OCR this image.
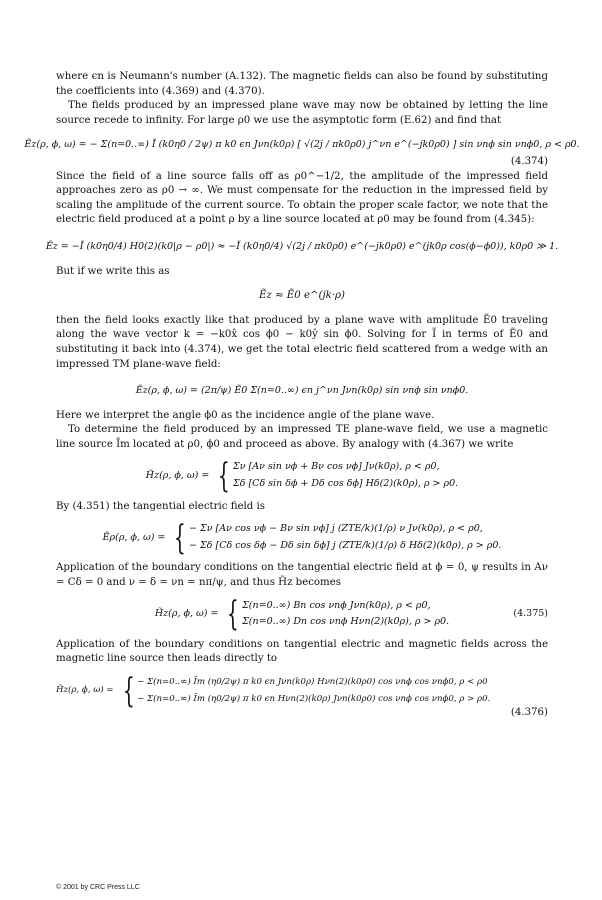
where ϵn is Neumann's number (A.132). The magnetic fields can also be found by substituting the coefficients into (4.369) and (4.370).

The fields produced by an impressed plane wave may now be obtained by letting the line source recede to infinity. For large ρ0 we use the asymptotic form (E.62) and find that

Ẽz(ρ, ϕ, ω) = − Σ(n=0..∞) Ĩ (k0η0 / 2ψ) π k0 ϵn Jνn(k0ρ) [ √(2j / πk0ρ0) j^νn e^(−jk0ρ0) ] sin νnϕ sin νnϕ0, ρ < ρ0.
(4.374)

Since the field of a line source falls off as ρ0^−1/2, the amplitude of the impressed field approaches zero as ρ0 → ∞. We must compensate for the reduction in the impressed field by scaling the amplitude of the current source. To obtain the proper scale factor, we note that the electric field produced at a point ρ by a line source located at ρ0 may be found from (4.345):

Ẽz = −Ĩ (k0η0/4) H0(2)(k0|ρ − ρ0|) ≈ −Ĩ (k0η0/4) √(2j / πk0ρ0) e^(−jk0ρ0) e^(jk0ρ cos(ϕ−ϕ0)), k0ρ0 ≫ 1.

But if we write this as

Ẽz ≈ Ẽ0 e^(jk·ρ)

then the field looks exactly like that produced by a plane wave with amplitude Ẽ0 traveling along the wave vector k = −k0x̂ cos ϕ0 − k0ŷ sin ϕ0. Solving for Ĩ in terms of Ẽ0 and substituting it back into (4.374), we get the total electric field scattered from a wedge with an impressed TM plane-wave field:

Ẽz(ρ, ϕ, ω) = (2π/ψ) Ẽ0 Σ(n=0..∞) ϵn j^νn Jνn(k0ρ) sin νnϕ sin νnϕ0.

Here we interpret the angle ϕ0 as the incidence angle of the plane wave.

To determine the field produced by an impressed TE plane-wave field, we use a magnetic line source Ĩm located at ρ0, ϕ0 and proceed as above. By analogy with (4.367) we write

H̃z(ρ, ϕ, ω) = { Σν [Aν sin νϕ + Bν cos νϕ] Jν(k0ρ), ρ < ρ0,
Σδ [Cδ sin δϕ + Dδ cos δϕ] Hδ(2)(k0ρ), ρ > ρ0.

By (4.351) the tangential electric field is

Ẽρ(ρ, ϕ, ω) = { − Σν [Aν cos νϕ − Bν sin νϕ] j (ZTE/k)(1/ρ) ν Jν(k0ρ), ρ < ρ0,
− Σδ [Cδ cos δϕ − Dδ sin δϕ] j (ZTE/k)(1/ρ) δ Hδ(2)(k0ρ), ρ > ρ0.

Application of the boundary conditions on the tangential electric field at ϕ = 0, ψ results in Aν = Cδ = 0 and ν = δ = νn = nπ/ψ, and thus H̃z becomes

H̃z(ρ, ϕ, ω) = { Σ(n=0..∞) Bn cos νnϕ Jνn(k0ρ), ρ < ρ0,
Σ(n=0..∞) Dn cos νnϕ Hνn(2)(k0ρ), ρ > ρ0.
(4.375)

Application of the boundary conditions on tangential electric and magnetic fields across the magnetic line source then leads directly to

H̃z(ρ, ϕ, ω) = { − Σ(n=0..∞) Ĩm (η0/2ψ) π k0 ϵn Jνn(k0ρ) Hνn(2)(k0ρ0) cos νnϕ cos νnϕ0, ρ < ρ0
− Σ(n=0..∞) Ĩm (η0/2ψ) π k0 ϵn Hνn(2)(k0ρ) Jνn(k0ρ0) cos νnϕ cos νnϕ0, ρ > ρ0.
(4.376)
© 2001 by CRC Press LLC
